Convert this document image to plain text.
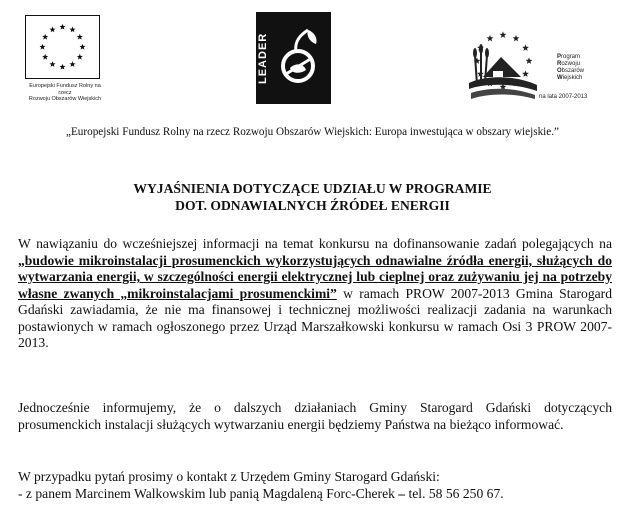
Europejski Fundusz Rolny na rzecz
Rozwoju Obszarów Wiejskich
LEADER	Program
Rozwoju
Obszarów
Wiejskich
na lata 2007-2013
„Europejski Fundusz Rolny na rzecz Rozwoju Obszarów Wiejskich: Europa inwestująca w obszary wiejskie.”
WYJAŚNIENIA DOTYCZĄCE UDZIAŁU W PROGRAMIE
DOT. ODNAWIALNYCH ŹRÓDEŁ ENERGII
W nawiązaniu do wcześniejszej informacji na temat konkursu na dofinansowanie zadań polegających na „budowie mikroinstalacji prosumenckich wykorzystujących odnawialne źródła energii, służących do wytwarzania energii, w szczególności energii elektrycznej lub cieplnej oraz zużywaniu jej na potrzeby własne zwanych „mikroinstalacjami prosumenckimi” w ramach PROW 2007-2013 Gmina Starogard Gdański zawiadamia, że nie ma finansowej i technicznej możliwości realizacji zadania na warunkach postawionych w ramach ogłoszonego przez Urząd Marszałkowski konkursu w ramach Osi 3 PROW 2007-2013.
Jednocześnie informujemy, że o dalszych działaniach Gminy Starogard Gdański dotyczących prosumenckich instalacji służących wytwarzaniu energii będziemy Państwa na bieżąco informować.
W przypadku pytań prosimy o kontakt z Urzędem Gminy Starogard Gdański:
- z panem Marcinem Walkowskim lub panią Magdaleną Forc-Cherek – tel. 58 56 250 67.
